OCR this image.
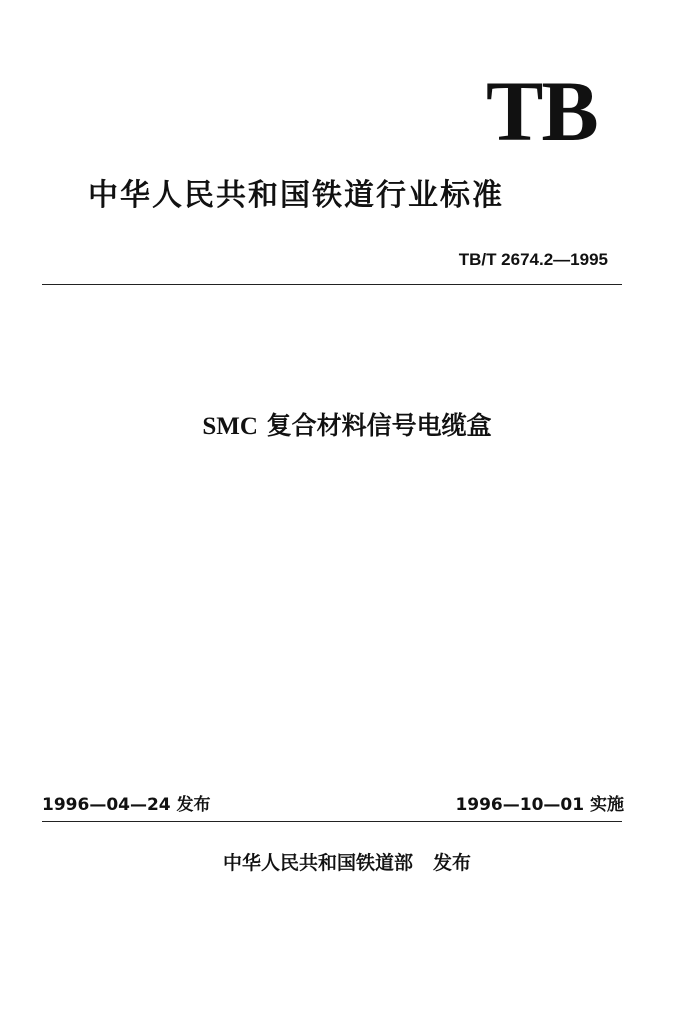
TB
中华人民共和国铁道行业标准
TB/T 2674.2—1995
SMC 复合材料信号电缆盒
1996—04—24 发布	1996—10—01 实施
中华人民共和国铁道部 发布
